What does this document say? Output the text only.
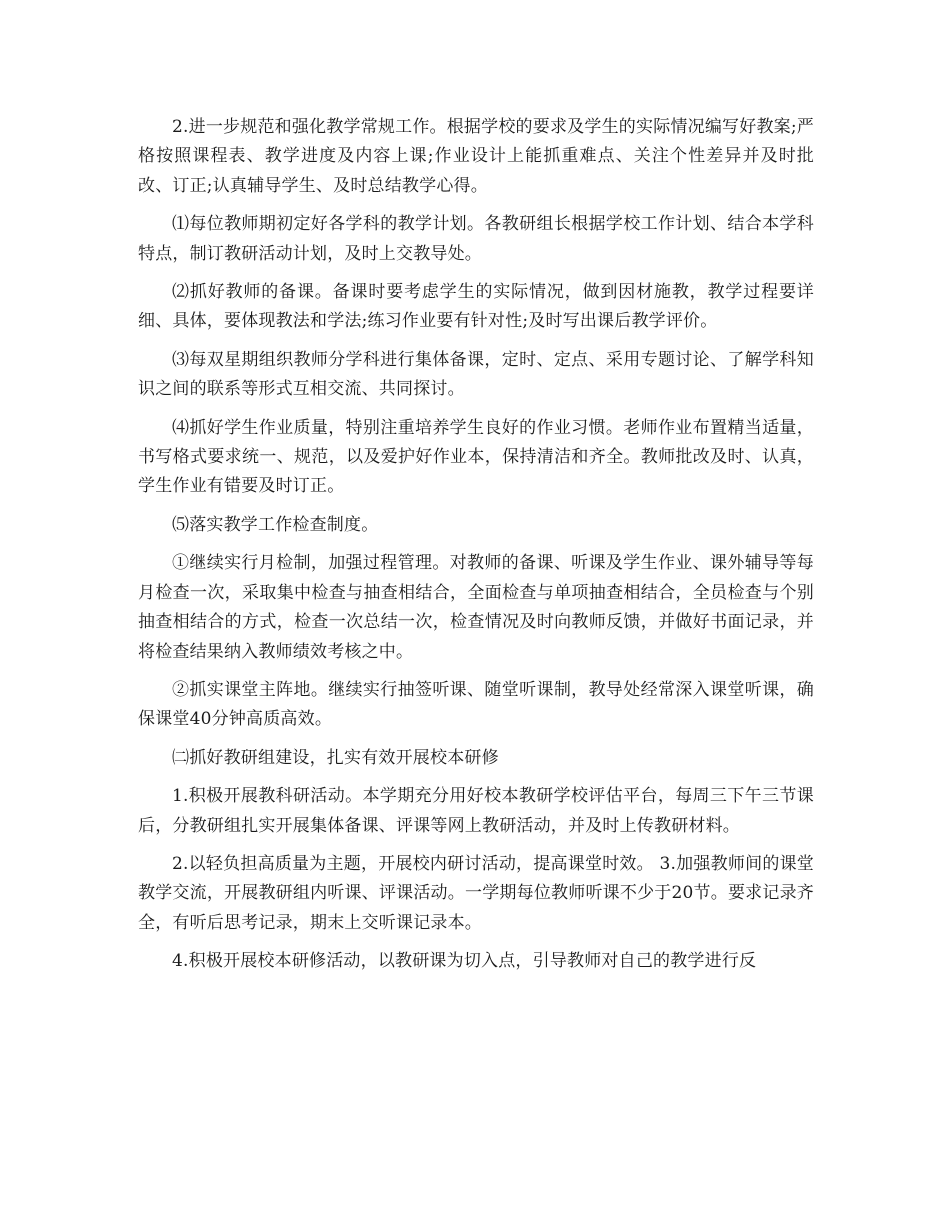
2.进一步规范和强化教学常规工作。根据学校的要求及学生的实际情况编写好教案;严格按照课程表、教学进度及内容上课;作业设计上能抓重难点、关注个性差异并及时批改、订正;认真辅导学生、及时总结教学心得。

⑴每位教师期初定好各学科的教学计划。各教研组长根据学校工作计划、结合本学科特点，制订教研活动计划，及时上交教导处。

⑵抓好教师的备课。备课时要考虑学生的实际情况，做到因材施教，教学过程要详细、具体，要体现教法和学法;练习作业要有针对性;及时写出课后教学评价。

⑶每双星期组织教师分学科进行集体备课，定时、定点、采用专题讨论、了解学科知识之间的联系等形式互相交流、共同探讨。

⑷抓好学生作业质量，特别注重培养学生良好的作业习惯。老师作业布置精当适量，书写格式要求统一、规范，以及爱护好作业本，保持清洁和齐全。教师批改及时、认真，学生作业有错要及时订正。

⑸落实教学工作检查制度。

①继续实行月检制，加强过程管理。对教师的备课、听课及学生作业、课外辅导等每月检查一次，采取集中检查与抽查相结合，全面检查与单项抽查相结合，全员检查与个别抽查相结合的方式，检查一次总结一次，检查情况及时向教师反馈，并做好书面记录，并将检查结果纳入教师绩效考核之中。

②抓实课堂主阵地。继续实行抽签听课、随堂听课制，教导处经常深入课堂听课，确保课堂40分钟高质高效。

㈡抓好教研组建设，扎实有效开展校本研修

1.积极开展教科研活动。本学期充分用好校本教研学校评估平台，每周三下午三节课后，分教研组扎实开展集体备课、评课等网上教研活动，并及时上传教研材料。

2.以轻负担高质量为主题，开展校内研讨活动，提高课堂时效。 3.加强教师间的课堂教学交流，开展教研组内听课、评课活动。一学期每位教师听课不少于20节。要求记录齐全，有听后思考记录，期末上交听课记录本。

4.积极开展校本研修活动，以教研课为切入点，引导教师对自己的教学进行反
